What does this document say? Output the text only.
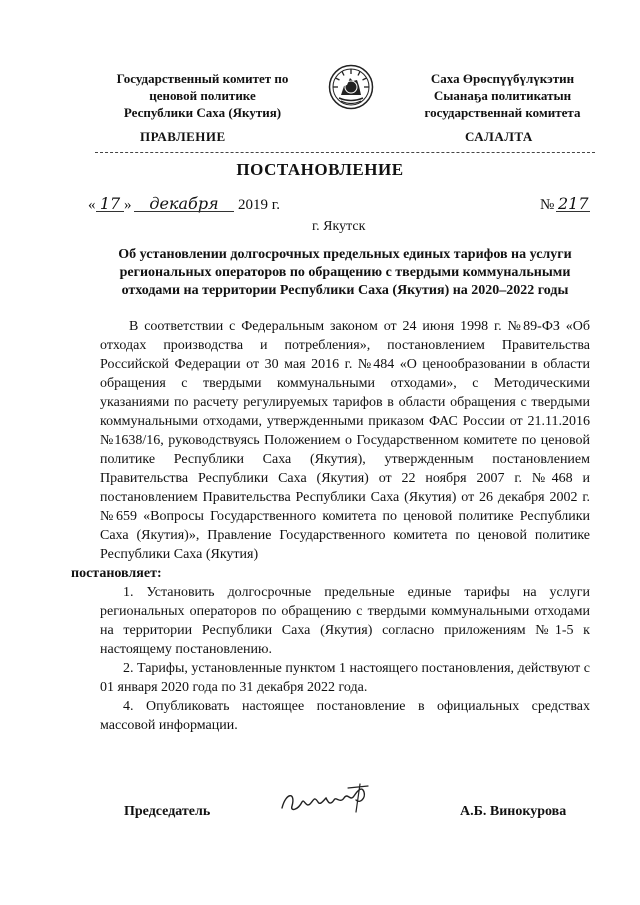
Государственный комитет по
ценовой политике
Республики Саха (Якутия)
Саха Өрөспүүбүлүкэтин
Сыанаҕа политикатын
государственнай комитета
ПРАВЛЕНИЕ	САЛАЛТА
ПОСТАНОВЛЕНИЕ
« 17 »	декабря	2019 г.	№ 217
г. Якутск
Об установлении долгосрочных предельных единых тарифов на услуги региональных операторов по обращению с твердыми коммунальными отходами на территории Республики Саха (Якутия) на 2020–2022 годы

В соответствии с Федеральным законом от 24 июня 1998 г. №89-ФЗ «Об отходах производства и потребления», постановлением Правительства Российской Федерации от 30 мая 2016 г. №484 «О ценообразовании в области обращения с твердыми коммунальными отходами», с Методическими указаниями по расчету регулируемых тарифов в области обращения с твердыми коммунальными отходами, утвержденными приказом ФАС России от 21.11.2016 №1638/16, руководствуясь Положением о Государственном комитете по ценовой политике Республики Саха (Якутия), утвержденным постановлением Правительства Республики Саха (Якутия) от 22 ноября 2007 г. №468 и постановлением Правительства Республики Саха (Якутия) от 26 декабря 2002 г. №659 «Вопросы Государственного комитета по ценовой политике Республики Саха (Якутия)», Правление Государственного комитета по ценовой политике Республики Саха (Якутия)
постановляет:

1. Установить долгосрочные предельные единые тарифы на услуги региональных операторов по обращению с твердыми коммунальными отходами на территории Республики Саха (Якутия) согласно приложениям №1-5 к настоящему постановлению.

2. Тарифы, установленные пунктом 1 настоящего постановления, действуют с 01 января 2020 года по 31 декабря 2022 года.

4. Опубликовать настоящее постановление в официальных средствах массовой информации.

Председатель	А.Б. Винокурова
